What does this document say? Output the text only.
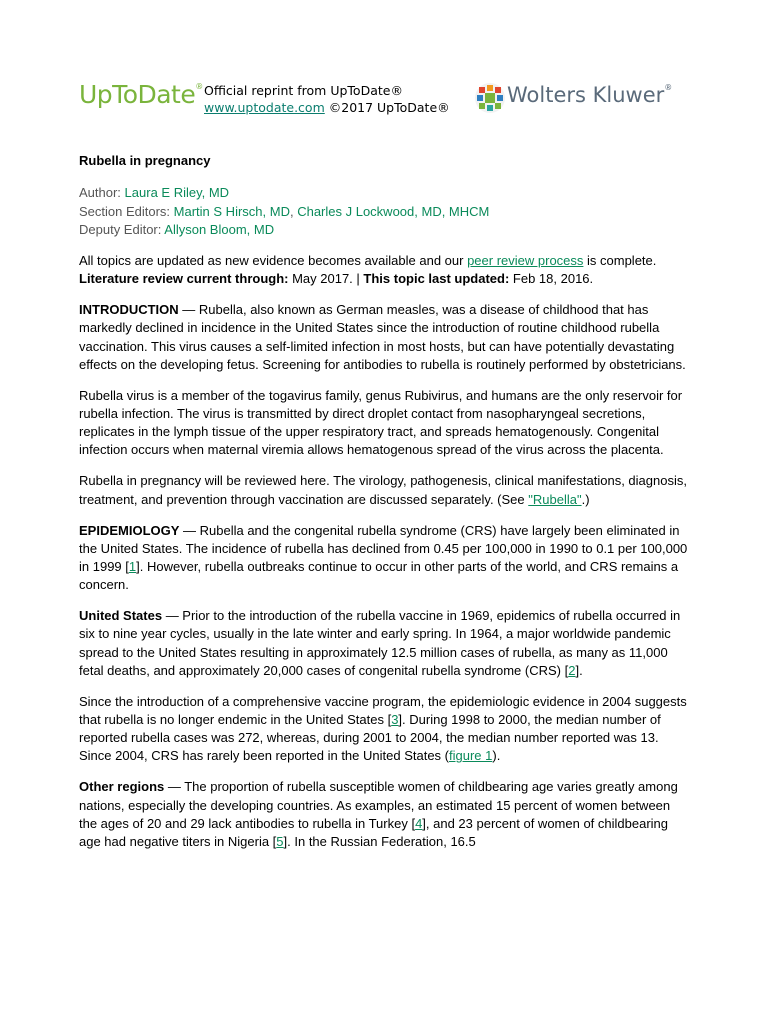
UpToDate® Official reprint from UpToDate®
www.uptodate.com ©2017 UpToDate®
Wolters Kluwer®
Rubella in pregnancy
Author: Laura E Riley, MD
Section Editors: Martin S Hirsch, MD, Charles J Lockwood, MD, MHCM
Deputy Editor: Allyson Bloom, MD
All topics are updated as new evidence becomes available and our peer review process is complete.
Literature review current through: May 2017. | This topic last updated: Feb 18, 2016.

INTRODUCTION — Rubella, also known as German measles, was a disease of childhood that has markedly declined in incidence in the United States since the introduction of routine childhood rubella vaccination. This virus causes a self-limited infection in most hosts, but can have potentially devastating effects on the developing fetus. Screening for antibodies to rubella is routinely performed by obstetricians.

Rubella virus is a member of the togavirus family, genus Rubivirus, and humans are the only reservoir for rubella infection. The virus is transmitted by direct droplet contact from nasopharyngeal secretions, replicates in the lymph tissue of the upper respiratory tract, and spreads hematogenously. Congenital infection occurs when maternal viremia allows hematogenous spread of the virus across the placenta.

Rubella in pregnancy will be reviewed here. The virology, pathogenesis, clinical manifestations, diagnosis, treatment, and prevention through vaccination are discussed separately. (See "Rubella".)

EPIDEMIOLOGY — Rubella and the congenital rubella syndrome (CRS) have largely been eliminated in the United States. The incidence of rubella has declined from 0.45 per 100,000 in 1990 to 0.1 per 100,000 in 1999 [1]. However, rubella outbreaks continue to occur in other parts of the world, and CRS remains a concern.

United States — Prior to the introduction of the rubella vaccine in 1969, epidemics of rubella occurred in six to nine year cycles, usually in the late winter and early spring. In 1964, a major worldwide pandemic spread to the United States resulting in approximately 12.5 million cases of rubella, as many as 11,000 fetal deaths, and approximately 20,000 cases of congenital rubella syndrome (CRS) [2].

Since the introduction of a comprehensive vaccine program, the epidemiologic evidence in 2004 suggests that rubella is no longer endemic in the United States [3]. During 1998 to 2000, the median number of reported rubella cases was 272, whereas, during 2001 to 2004, the median number reported was 13. Since 2004, CRS has rarely been reported in the United States (figure 1).

Other regions — The proportion of rubella susceptible women of childbearing age varies greatly among nations, especially the developing countries. As examples, an estimated 15 percent of women between the ages of 20 and 29 lack antibodies to rubella in Turkey [4], and 23 percent of women of childbearing age had negative titers in Nigeria [5]. In the Russian Federation, 16.5
